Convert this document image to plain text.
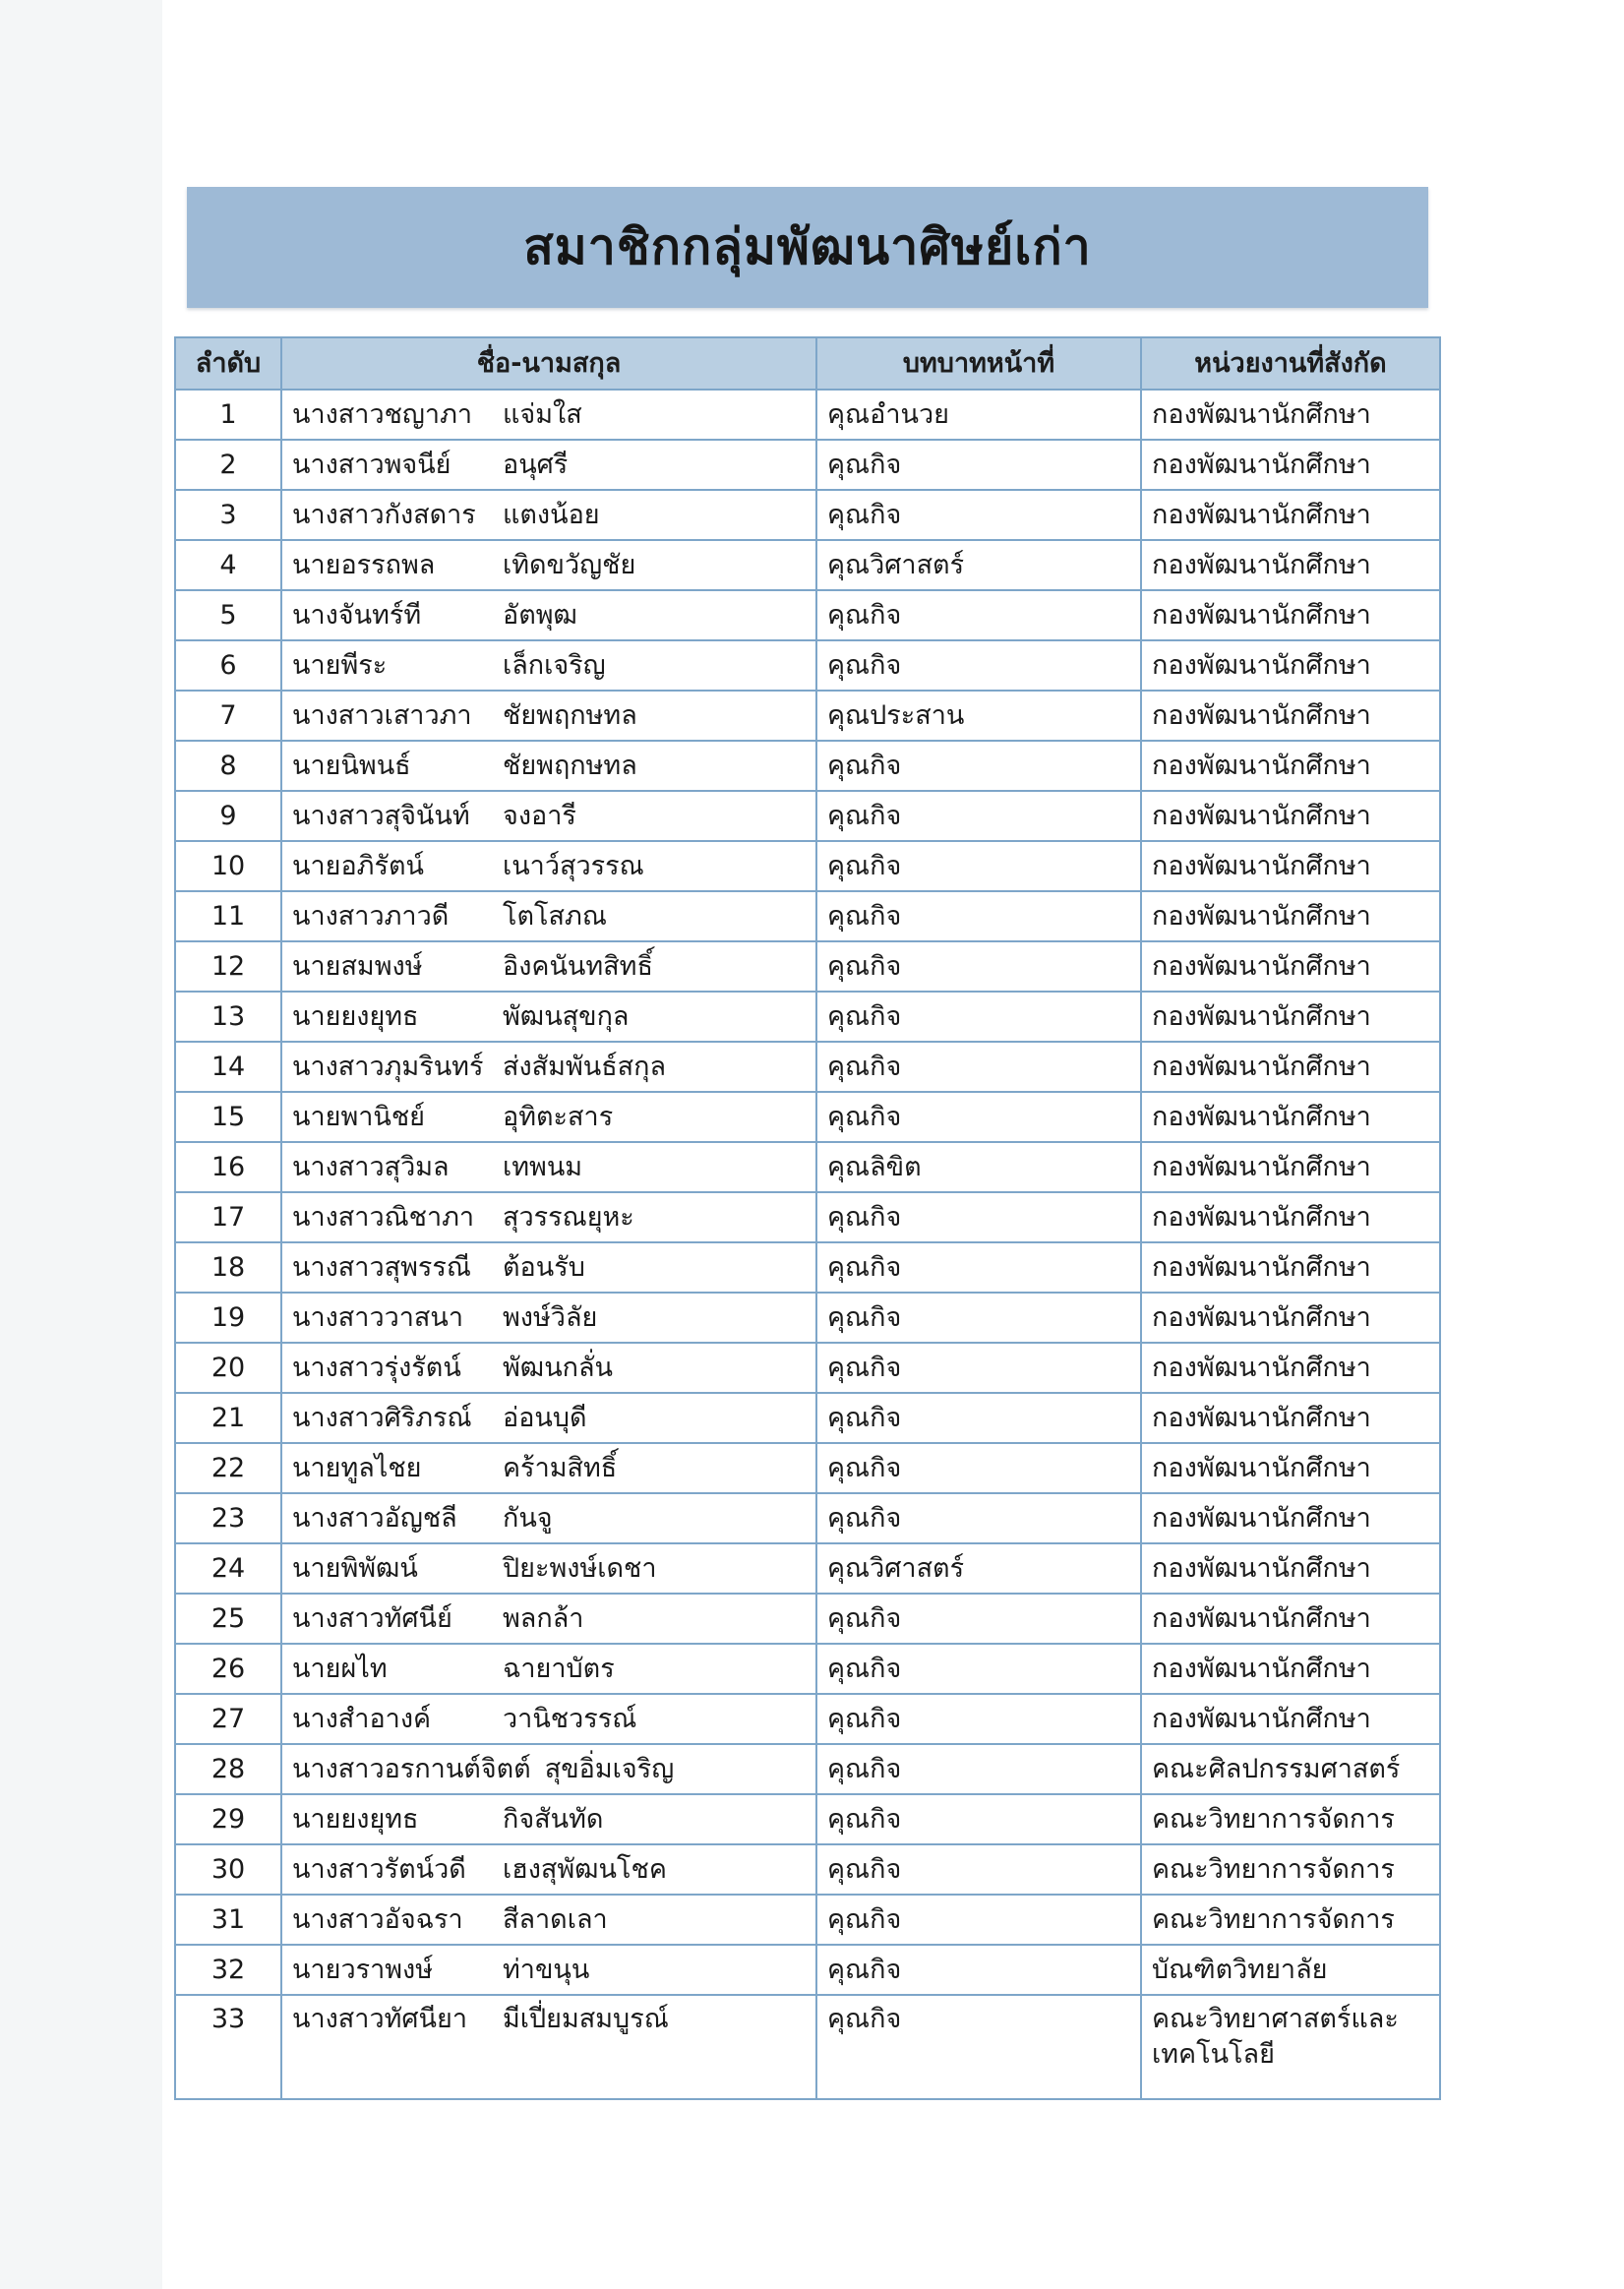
สมาชิกกลุ่มพัฒนาศิษย์เก่า
ลำดับ	ชื่อ-นามสกุล	บทบาทหน้าที่	หน่วยงานที่สังกัด
1	นางสาวชญาภา แจ่มใส	คุณอำนวย	กองพัฒนานักศึกษา
2	นางสาวพจนีย์ อนุศรี	คุณกิจ	กองพัฒนานักศึกษา
3	นางสาวกังสดาร แตงน้อย	คุณกิจ	กองพัฒนานักศึกษา
4	นายอรรถพล เทิดขวัญชัย	คุณวิศาสตร์	กองพัฒนานักศึกษา
5	นางจันทร์ที อัตพุฒ	คุณกิจ	กองพัฒนานักศึกษา
6	นายพีระ เล็กเจริญ	คุณกิจ	กองพัฒนานักศึกษา
7	นางสาวเสาวภา ชัยพฤกษทล	คุณประสาน	กองพัฒนานักศึกษา
8	นายนิพนธ์ ชัยพฤกษทล	คุณกิจ	กองพัฒนานักศึกษา
9	นางสาวสุจินันท์ จงอารี	คุณกิจ	กองพัฒนานักศึกษา
10	นายอภิรัตน์ เนาว์สุวรรณ	คุณกิจ	กองพัฒนานักศึกษา
11	นางสาวภาวดี โตโสภณ	คุณกิจ	กองพัฒนานักศึกษา
12	นายสมพงษ์ อิงคนันทสิทธิ์	คุณกิจ	กองพัฒนานักศึกษา
13	นายยงยุทธ พัฒนสุขกุล	คุณกิจ	กองพัฒนานักศึกษา
14	นางสาวภุมรินทร์ ส่งสัมพันธ์สกุล	คุณกิจ	กองพัฒนานักศึกษา
15	นายพานิชย์ อุทิตะสาร	คุณกิจ	กองพัฒนานักศึกษา
16	นางสาวสุวิมล เทพนม	คุณลิขิต	กองพัฒนานักศึกษา
17	นางสาวณิชาภา สุวรรณยุหะ	คุณกิจ	กองพัฒนานักศึกษา
18	นางสาวสุพรรณี ต้อนรับ	คุณกิจ	กองพัฒนานักศึกษา
19	นางสาววาสนา พงษ์วิลัย	คุณกิจ	กองพัฒนานักศึกษา
20	นางสาวรุ่งรัตน์ พัฒนกลั่น	คุณกิจ	กองพัฒนานักศึกษา
21	นางสาวศิริภรณ์ อ่อนบุดี	คุณกิจ	กองพัฒนานักศึกษา
22	นายทูลไชย คร้ามสิทธิ์	คุณกิจ	กองพัฒนานักศึกษา
23	นางสาวอัญชลี กันจู	คุณกิจ	กองพัฒนานักศึกษา
24	นายพิพัฒน์ ปิยะพงษ์เดชา	คุณวิศาสตร์	กองพัฒนานักศึกษา
25	นางสาวทัศนีย์ พลกล้า	คุณกิจ	กองพัฒนานักศึกษา
26	นายผไท ฉายาบัตร	คุณกิจ	กองพัฒนานักศึกษา
27	นางสำอางค์ วานิชวรรณ์	คุณกิจ	กองพัฒนานักศึกษา
28	นางสาวอรกานต์จิตต์ สุขอิ่มเจริญ	คุณกิจ	คณะศิลปกรรมศาสตร์
29	นายยงยุทธ กิจสันทัด	คุณกิจ	คณะวิทยาการจัดการ
30	นางสาวรัตน์วดี เฮงสุพัฒนโชค	คุณกิจ	คณะวิทยาการจัดการ
31	นางสาวอัจฉรา สีลาดเลา	คุณกิจ	คณะวิทยาการจัดการ
32	นายวราพงษ์ ท่าขนุน	คุณกิจ	บัณฑิตวิทยาลัย
33	นางสาวทัศนียา มีเปี่ยมสมบูรณ์	คุณกิจ	คณะวิทยาศาสตร์และเทคโนโลยี
